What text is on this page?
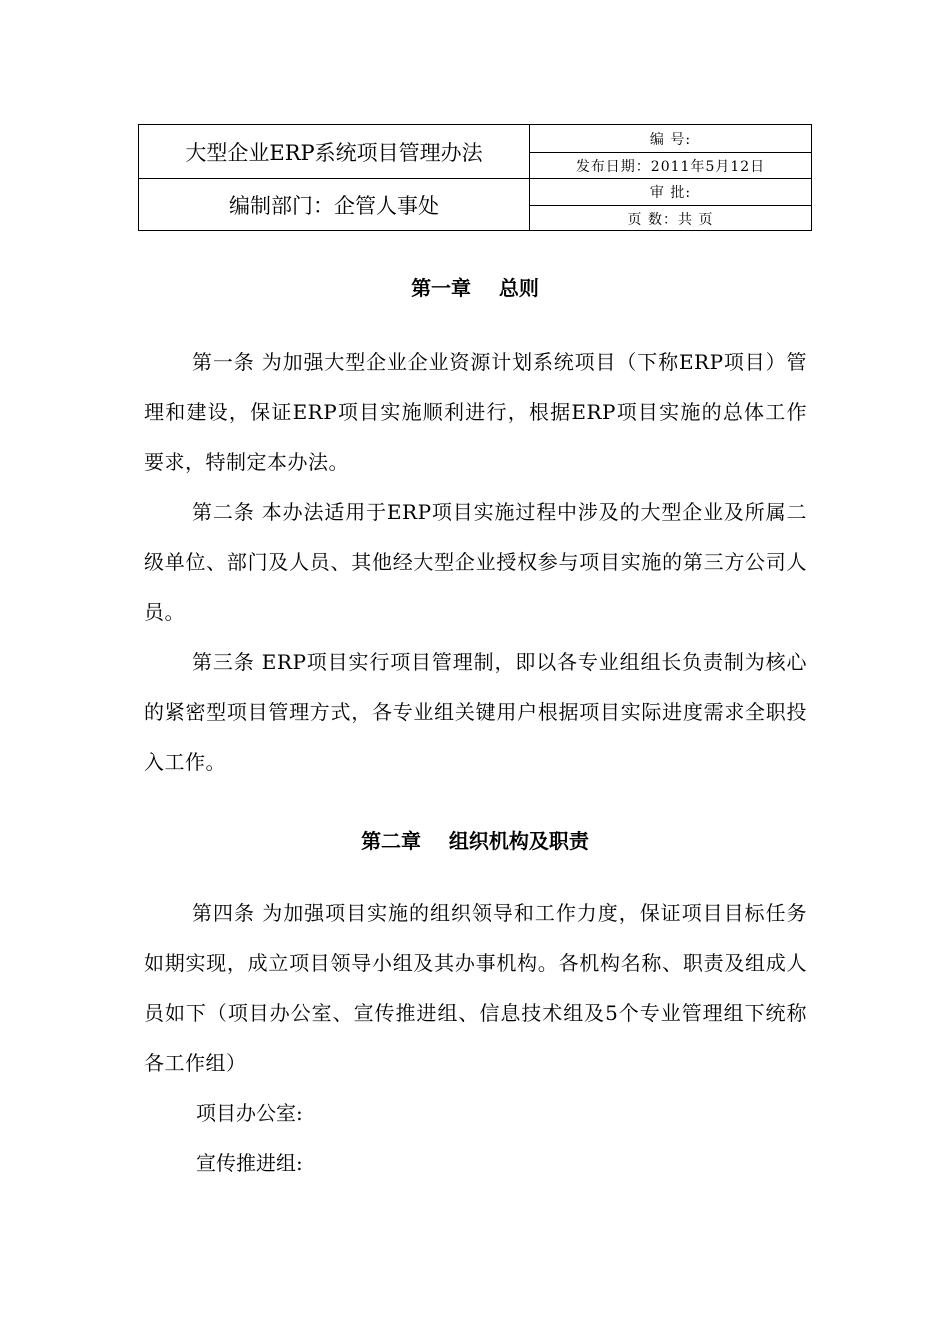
大型企业ERP系统项目管理办法
编制部门：企管人事处
编 号:
发布日期：2011年5月12日
审 批:
页 数：共 页
第一章    总则
第一条 为加强大型企业企业资源计划系统项目（下称ERP项目）管理和建设，保证ERP项目实施顺利进行，根据ERP项目实施的总体工作要求，特制定本办法。
第二条 本办法适用于ERP项目实施过程中涉及的大型企业及所属二级单位、部门及人员、其他经大型企业授权参与项目实施的第三方公司人员。
第三条 ERP项目实行项目管理制，即以各专业组组长负责制为核心的紧密型项目管理方式，各专业组关键用户根据项目实际进度需求全职投入工作。
第二章    组织机构及职责
第四条 为加强项目实施的组织领导和工作力度，保证项目目标任务如期实现，成立项目领导小组及其办事机构。各机构名称、职责及组成人员如下（项目办公室、宣传推进组、信息技术组及5个专业管理组下统称各工作组）
项目办公室:
宣传推进组:
